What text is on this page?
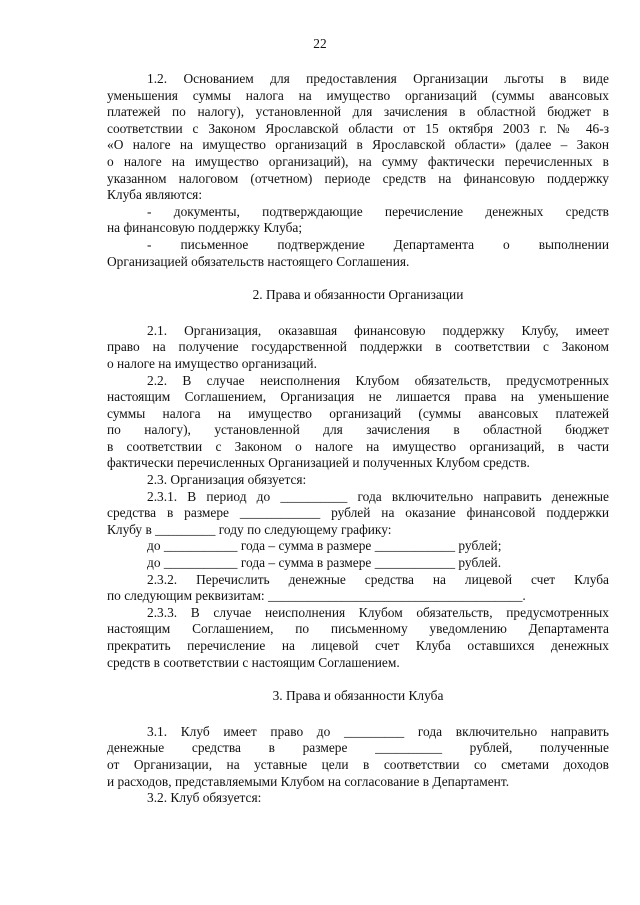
22

1.2. Основанием для предоставления Организации льготы в виде

уменьшения суммы налога на имущество организаций (суммы авансовых

платежей по налогу), установленной для зачисления в областной бюджет в

соответствии с Законом Ярославской области от 15 октября 2003 г. № 46-з

«О налоге на имущество организаций в Ярославской области» (далее – Закон

о налоге на имущество организаций), на сумму фактически перечисленных в

указанном налоговом (отчетном) периоде средств на финансовую поддержку

Клуба являются:

- документы, подтверждающие перечисление денежных средств

на финансовую поддержку Клуба;

- письменное подтверждение Департамента о выполнении

Организацией обязательств настоящего Соглашения.

2. Права и обязанности Организации

2.1. Организация, оказавшая финансовую поддержку Клубу, имеет

право на получение государственной поддержки в соответствии с Законом

о налоге на имущество организаций.

2.2. В случае неисполнения Клубом обязательств, предусмотренных

настоящим Соглашением, Организация не лишается права на уменьшение

суммы налога на имущество организаций (суммы авансовых платежей

по налогу), установленной для зачисления в областной бюджет

в соответствии с Законом о налоге на имущество организаций, в части

фактически перечисленных Организацией и полученных Клубом средств.

2.3. Организация обязуется:

2.3.1. В период до __________ года включительно направить денежные

средства в размере ____________ рублей на оказание финансовой поддержки

Клубу в _________ году по следующему графику:

до ___________ года – сумма в размере ____________ рублей;

до ___________ года – сумма в размере ____________ рублей.

2.3.2. Перечислить денежные средства на лицевой счет Клуба

по следующим реквизитам: ______________________________________.

2.3.3. В случае неисполнения Клубом обязательств, предусмотренных

настоящим Соглашением, по письменному уведомлению Департамента

прекратить перечисление на лицевой счет Клуба оставшихся денежных

средств в соответствии с настоящим Соглашением.

3. Права и обязанности Клуба

3.1. Клуб имеет право до _________ года включительно направить

денежные средства в размере __________ рублей, полученные

от Организации, на уставные цели в соответствии со сметами доходов

и расходов, представляемыми Клубом на согласование в Департамент.

3.2. Клуб обязуется:
